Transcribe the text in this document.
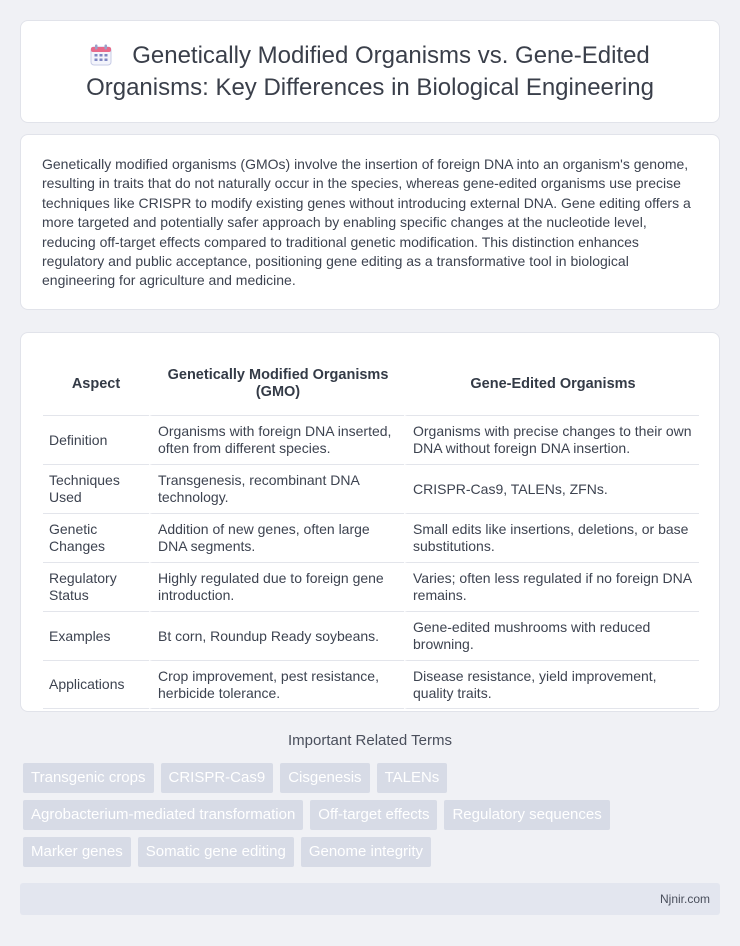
Genetically Modified Organisms vs. Gene-Edited Organisms: Key Differences in Biological Engineering

Genetically modified organisms (GMOs) involve the insertion of foreign DNA into an organism's genome, resulting in traits that do not naturally occur in the species, whereas gene-edited organisms use precise techniques like CRISPR to modify existing genes without introducing external DNA. Gene editing offers a more targeted and potentially safer approach by enabling specific changes at the nucleotide level, reducing off-target effects compared to traditional genetic modification. This distinction enhances regulatory and public acceptance, positioning gene editing as a transformative tool in biological engineering for agriculture and medicine.

Aspect	Genetically Modified Organisms (GMO)	Gene-Edited Organisms
Definition	Organisms with foreign DNA inserted, often from different species.	Organisms with precise changes to their own DNA without foreign DNA insertion.
Techniques Used	Transgenesis, recombinant DNA technology.	CRISPR-Cas9, TALENs, ZFNs.
Genetic Changes	Addition of new genes, often large DNA segments.	Small edits like insertions, deletions, or base substitutions.
Regulatory Status	Highly regulated due to foreign gene introduction.	Varies; often less regulated if no foreign DNA remains.
Examples	Bt corn, Roundup Ready soybeans.	Gene-edited mushrooms with reduced browning.
Applications	Crop improvement, pest resistance, herbicide tolerance.	Disease resistance, yield improvement, quality traits.
Important Related Terms
Transgenic crops	CRISPR-Cas9	Cisgenesis	TALENs
Agrobacterium-mediated transformation	Off-target effects	Regulatory sequences
Marker genes	Somatic gene editing	Genome integrity
Njnir.com
